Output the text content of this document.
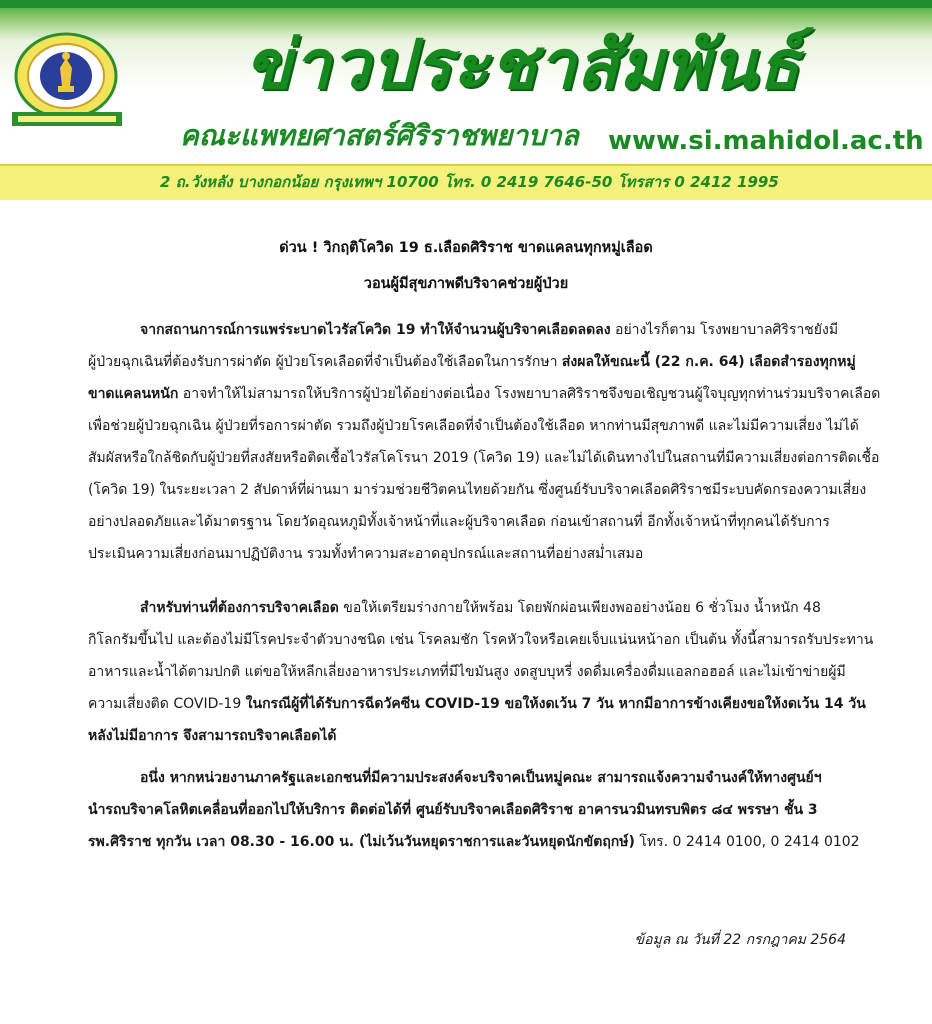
ข่าวประชาสัมพันธ์
คณะแพทยศาสตร์ศิริราชพยาบาล www.si.mahidol.ac.th
2 ถ.วังหลัง บางกอกน้อย กรุงเทพฯ 10700 โทร. 0 2419 7646-50 โทรสาร 0 2412 1995
ด่วน ! วิกฤติโควิด 19 ธ.เลือดศิริราช ขาดแคลนทุกหมู่เลือด
วอนผู้มีสุขภาพดีบริจาคช่วยผู้ป่วย
จากสถานการณ์การแพร่ระบาดไวรัสโควิด 19 ทำให้จำนวนผู้บริจาคเลือดลดลง อย่างไรก็ตาม โรงพยาบาลศิริราชยังมี
ผู้ป่วยฉุกเฉินที่ต้องรับการผ่าตัด ผู้ป่วยโรคเลือดที่จำเป็นต้องใช้เลือดในการรักษา ส่งผลให้ขณะนี้ (22 ก.ค. 64) เลือดสำรองทุกหมู่
ขาดแคลนหนัก อาจทำให้ไม่สามารถให้บริการผู้ป่วยได้อย่างต่อเนื่อง โรงพยาบาลศิริราชจึงขอเชิญชวนผู้ใจบุญทุกท่านร่วมบริจาคเลือด
เพื่อช่วยผู้ป่วยฉุกเฉิน ผู้ป่วยที่รอการผ่าตัด รวมถึงผู้ป่วยโรคเลือดที่จำเป็นต้องใช้เลือด หากท่านมีสุขภาพดี และไม่มีความเสี่ยง ไม่ได้
สัมผัสหรือใกล้ชิดกับผู้ป่วยที่สงสัยหรือติดเชื้อไวรัสโคโรนา 2019 (โควิด 19) และไม่ได้เดินทางไปในสถานที่มีความเสี่ยงต่อการติดเชื้อ
(โควิด 19) ในระยะเวลา 2 สัปดาห์ที่ผ่านมา มาร่วมช่วยชีวิตคนไทยด้วยกัน ซึ่งศูนย์รับบริจาคเลือดศิริราชมีระบบคัดกรองความเสี่ยง
อย่างปลอดภัยและได้มาตรฐาน โดยวัดอุณหภูมิทั้งเจ้าหน้าที่และผู้บริจาคเลือด ก่อนเข้าสถานที่ อีกทั้งเจ้าหน้าที่ทุกคนได้รับการ
ประเมินความเสี่ยงก่อนมาปฏิบัติงาน รวมทั้งทำความสะอาดอุปกรณ์และสถานที่อย่างสม่ำเสมอ
สำหรับท่านที่ต้องการบริจาคเลือด ขอให้เตรียมร่างกายให้พร้อม โดยพักผ่อนเพียงพออย่างน้อย 6 ชั่วโมง น้ำหนัก 48
กิโลกรัมขึ้นไป และต้องไม่มีโรคประจำตัวบางชนิด เช่น โรคลมชัก โรคหัวใจหรือเคยเจ็บแน่นหน้าอก เป็นต้น ทั้งนี้สามารถรับประทาน
อาหารและน้ำได้ตามปกติ แต่ขอให้หลีกเลี่ยงอาหารประเภทที่มีไขมันสูง งดสูบบุหรี่ งดดื่มเครื่องดื่มแอลกอฮอล์ และไม่เข้าข่ายผู้มี
ความเสี่ยงติด COVID-19 ในกรณีผู้ที่ได้รับการฉีดวัคซีน COVID-19 ขอให้งดเว้น 7 วัน หากมีอาการข้างเคียงขอให้งดเว้น 14 วัน
หลังไม่มีอาการ จึงสามารถบริจาคเลือดได้
อนึ่ง หากหน่วยงานภาครัฐและเอกชนที่มีความประสงค์จะบริจาคเป็นหมู่คณะ สามารถแจ้งความจำนงค์ให้ทางศูนย์ฯ
นำรถบริจาคโลหิตเคลื่อนที่ออกไปให้บริการ ติดต่อได้ที่ ศูนย์รับบริจาคเลือดศิริราช อาคารนวมินทรบพิตร ๘๔ พรรษา ชั้น 3
รพ.ศิริราช ทุกวัน เวลา 08.30 - 16.00 น. (ไม่เว้นวันหยุดราชการและวันหยุดนักขัตฤกษ์) โทร. 0 2414 0100, 0 2414 0102
ข้อมูล ณ วันที่ 22 กรกฎาคม 2564
